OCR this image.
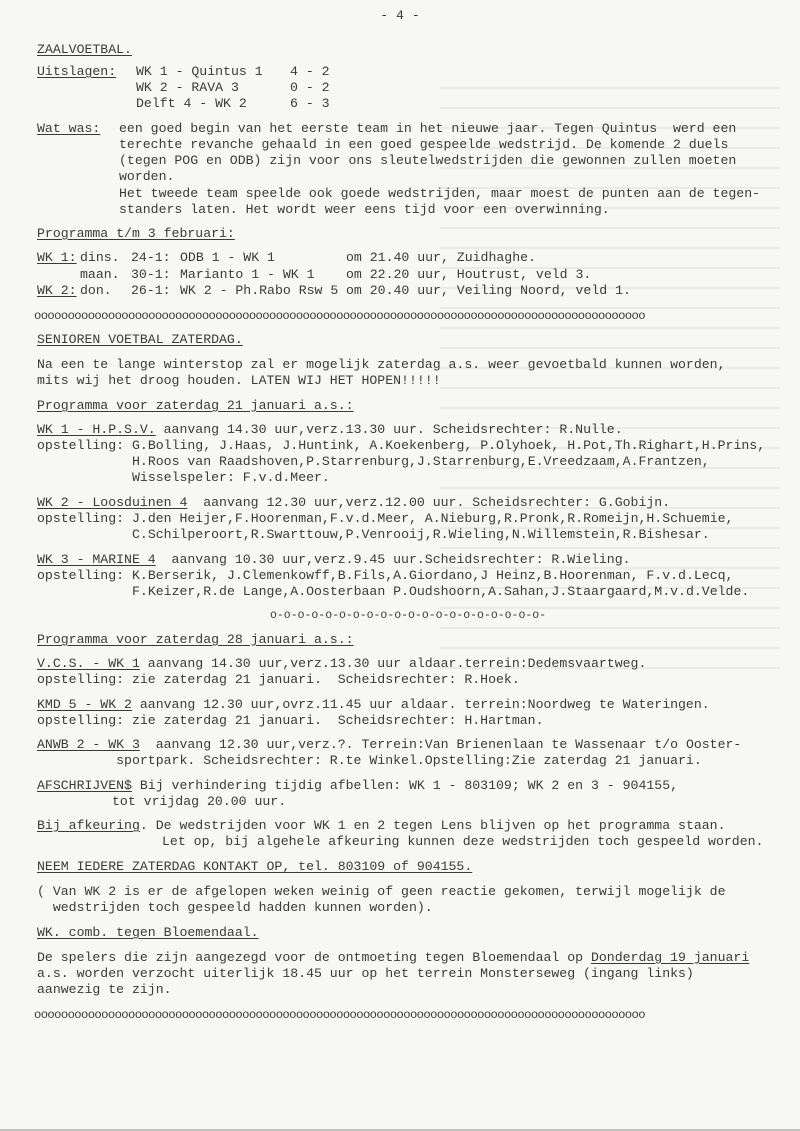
- 4 -
ZAALVOETBAL.
Uitslagen: WK 1 - Quintus 1 4 - 2
WK 2 - RAVA 3	0 - 2
Delft 4 - WK 2	6 - 3
Wat was: een goed begin van het eerste team in het nieuwe jaar. Tegen Quintus  werd een
terechte revanche gehaald in een goed gespeelde wedstrijd. De komende 2 duels
(tegen POG en ODB) zijn voor ons sleutelwedstrijden die gewonnen zullen moeten
worden.
Het tweede team speelde ook goede wedstrijden, maar moest de punten aan de tegen-
standers laten. Het wordt weer eens tijd voor een overwinning.
Programma t/m 3 februari:
WK 1: dins. 24-1: ODB 1 - WK 1	om 21.40 uur, Zuidhaghe.
maan. 30-1: Marianto 1 - WK 1 om 22.20 uur, Houtrust, veld 3.
WK 2: don. 26-1: WK 2 - Ph.Rabo Rsw 5 om 20.40 uur, Veiling Noord, veld 1.
ooooooooooooooooooooooooooooooooooooooooooooooooooooooooooooooooooooooooooooooooooooooooooo
SENIOREN VOETBAL ZATERDAG.
Na een te lange winterstop zal er mogelijk zaterdag a.s. weer gevoetbald kunnen worden,
mits wij het droog houden. LATEN WIJ HET HOPEN!!!!!
Programma voor zaterdag 21 januari a.s.:
WK 1 - H.P.S.V. aanvang 14.30 uur,verz.13.30 uur. Scheidsrechter: R.Nulle.
opstelling: G.Bolling, J.Haas, J.Huntink, A.Koekenberg, P.Olyhoek, H.Pot,Th.Righart,H.Prins,
H.Roos van Raadshoven,P.Starrenburg,J.Starrenburg,E.Vreedzaam,A.Frantzen,
Wisselspeler: F.v.d.Meer.
WK 2 - Loosduinen 4  aanvang 12.30 uur,verz.12.00 uur. Scheidsrechter: G.Gobijn.
opstelling: J.den Heijer,F.Hoorenman,F.v.d.Meer, A.Nieburg,R.Pronk,R.Romeijn,H.Schuemie,
C.Schilperoort,R.Swarttouw,P.Venrooij,R.Wieling,N.Willemstein,R.Bishesar.
WK 3 - MARINE 4  aanvang 10.30 uur,verz.9.45 uur.Scheidsrechter: R.Wieling.
opstelling: K.Berserik, J.Clemenkowff,B.Fils,A.Giordano,J Heinz,B.Hoorenman, F.v.d.Lecq,
F.Keizer,R.de Lange,A.Oosterbaan P.Oudshoorn,A.Sahan,J.Staargaard,M.v.d.Velde.
o-o-o-o-o-o-o-o-o-o-o-o-o-o-o-o-o-o-o-o-
Programma voor zaterdag 28 januari a.s.:
V.C.S. - WK 1 aanvang 14.30 uur,verz.13.30 uur aldaar.terrein:Dedemsvaartweg.
opstelling: zie zaterdag 21 januari.  Scheidsrechter: R.Hoek.
KMD 5 - WK 2 aanvang 12.30 uur,ovrz.11.45 uur aldaar. terrein:Noordweg te Wateringen.
opstelling: zie zaterdag 21 januari.  Scheidsrechter: H.Hartman.
ANWB 2 - WK 3  aanvang 12.30 uur,verz.?. Terrein:Van Brienenlaan te Wassenaar t/o Ooster-
sportpark. Scheidsrechter: R.te Winkel.Opstelling:Zie zaterdag 21 januari.
AFSCHRIJVEN$ Bij verhindering tijdig afbellen: WK 1 - 803109; WK 2 en 3 - 904155,
tot vrijdag 20.00 uur.
Bij afkeuring. De wedstrijden voor WK 1 en 2 tegen Lens blijven op het programma staan.
Let op, bij algehele afkeuring kunnen deze wedstrijden toch gespeeld worden.
NEEM IEDERE ZATERDAG KONTAKT OP, tel. 803109 of 904155.
( Van WK 2 is er de afgelopen weken weinig of geen reactie gekomen, terwijl mogelijk de
wedstrijden toch gespeeld hadden kunnen worden).
WK. comb. tegen Bloemendaal.
De spelers die zijn aangezegd voor de ontmoeting tegen Bloemendaal op Donderdag 19 januari
a.s. worden verzocht uiterlijk 18.45 uur op het terrein Monsterseweg (ingang links)
aanwezig te zijn.
ooooooooooooooooooooooooooooooooooooooooooooooooooooooooooooooooooooooooooooooooooooooooooo
